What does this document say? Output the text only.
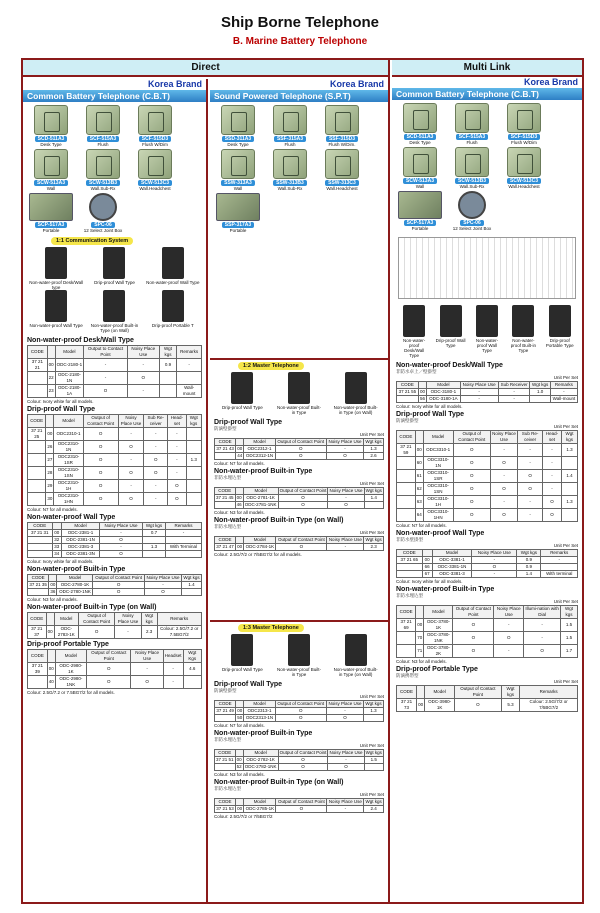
Ship Borne Telephone
B. Marine Battery Telephone
Direct
Korea Brand
Common Battery Telephone (C.B.T)
SCD-511A3
Desk Type
SCF-515A3
Flush
SCF-515D3
Flush W/Dim
SCW-513A3
Wall
SCW-513B3
Wall.Sub-Rx
SCW-513C3
Wall.Headchest
SCP-517A3
Portable
SPC-06
12 Select Joint Box
1:1 Communication System
Non-water-proof Desk/Wall type
Drip-proof Wall Type	Non-water-proof Wall Type
Non-water-proof Wall Type	Non-water-proof Built-in Type (on Wall)
Drip-proof Portable T
Non-water-proof Desk/Wall Type
CODE		Model	Output to Contact Point	Noisy Place Use	Wgt kgs	Remarks
37 21 21	00	ODC-2180-1	-	-	0.9	-
	22	ODC-2180-1N	-	O		
	23	ODC-2180-1A	O	-		Wall-mount
Colour: Ivory white for all models.
Drip-proof Wall Type
CODE		Model	Output of Contact Point	Noisy Place Use	Sub Re-ceiver	Head-set	Wgt kgs
37 21 25	00	ODC2310-1	O	-	-	-	
	26	ODC2310-1N	O	O	-	-	
	27	ODC2310-1SR	O	-	O	-	1.3
	28	ODC2310-1SN	O	O	O	-	
	29	ODC2310-1H	O	-	-	O	
	30	ODC2310-1HN	O	O	-	O	
Colour: N7 for all models.
Non-water-proof Wall Type
CODE		Model	Noisy Place Use	Wgt kgs	Remarks
37 21 31	00	ODC-2381-1	-	0.7	-
	32	ODC-2381-1N	O		
	33	ODC-2381-3	-	1.3	With Terminal
	34	ODC-2381-3N	O		
Colour: Ivory white for all models.
Non-water-proof Built-in Type
CODE		Model	Output of Contact Point	Noisy Place Use	Wgt kgs
37 21 35	00	ODC-2780-1K	O	-	1.4
	36	ODC-2780-1NK	O	O	
Colour: N3 for all models.
Non-water-proof Built-in Type (on Wall)
CODE		Model	Output of Contact Point	Noisy Place Use	Wgt kgs	Remarks
37 21 37	00	ODC-2783-1K	O	-	2.3	Colour: 2.5G/7.2 or 7.5BG7/2
Drip-proof Portable Type
CODE		Model	Output of Contact Point	Noisy Place Use	Headset	Wgt Kgs
37 21 39	00	ODC-2980-1K	O	-	-	4.6
	40	ODC-2980-1NK	O	O	-	
Colour: 2.5G/7.2 or 7.5BG7/2 for all models.
Korea Brand
Sound Powered Telephone (S.P.T)
SSD-311A3
Desk Type
SSF-315A3
Flush
SSF-315D3
Flush W/Dim.
SSW-313A3
Wall
SSW-313B3
Wall.Sub-Rx
SSW-313C3
Wall.Headchest
SSP-317A3
Portable
1:2 Master Telephone
Drip-proof Wall Type	Non-water-proof Built-in Type
Non-water-proof Built-in Type (on Wall)
Drip-proof Wall Type
防滴壁掛型
Unit Per Set
CODE		Model	Output of Contact Point	Noisy Place Use	Wgt kgs
37 21 43	00	ODC2312-1	O	-	1.3
	44	ODC2312-1N	O	O	2.6
Colour: N7 for all models.
Non-water-proof Built-in Type
非防水埋込型
Unit Per Set
CODE		Model	Output of Contact Point	Noisy Place Use	Wgt kgs
37 21 45	00	ODC-2781-1K	O	-	1.4
	46	ODC-2781-1NK	O	O	
Colour: N3 for all models.
Non-water-proof Built-in Type (on Wall)
非防水埋込型
Unit Per Set
CODE		Model	Output of Contact Point	Noisy Place Use	Wgt kgs
37 21 47	00	ODC-2784-1K	O	-	2.3
Colour: 2.5G/7/2 or 7/5BG7/2 for all models.
1:3 Master Telephone
Drip-proof Wall Type	Non-water-proof Built-in Type
Non-water-proof Built-in Type (on Wall)
Drip-proof Wall Type
防滴壁掛型
Unit Per Set
CODE		Model	Output of Contact Point	Noisy Place Use	Wgt kgs
37 21 49	00	ODC2313-1	O	-	1.3
	50	ODC2313-1N	O	O	
Colour: N7 for all models.
Non-water-proof Built-in Type
非防水埋込型
Unit Per Set
CODE		Model	Output of Contact Point	Noisy Place Use	Wgt kgs
37 21 51	00	ODC-2782-1K	O	-	1.5
	52	ODC-2782-1NK	O	O	
Colour: N3 for all models.
Non-water-proof Built-in Type (on Wall)
非防水埋込型
Unit Per Set
CODE		Model	Output of Contact Point	Noisy Place Use	Wgt kgs
37 21 53	00	ODC-2785-1K	O	-	2.4
Colour: 2.5G/7/2 or 7/5BG7/2
Multi Link
Korea Brand
Common Battery Telephone (C.B.T)
SCD-511A3
Desk Type
SCF-515A3
Flush
SCF-515D3
Flush W/Dim
SCW-513A3
Wall
SCW-513B3
Wall.Sub-Rx
SCW-513C3
Wall.Headchest
SCP-517A3
Portable
SPC-06
12 Select Joint Box
Non-water-proof Desk/Wall Type
Drip-proof Wall Type
Non-water-proof Wall Type
Non-water-proof Built-in Type
Drip-proof Portable Type
Non-water-proof Desk/Wall Type
非防水卓上／壁掛型
Unit Per Set
CODE		Model	Noisy Place Use	Sub Receiver	Wgt kgs	Remarks
37 21 55	00	ODC-3180-1	-	-	1.0	-
	56	ODC-3180-1A	-	-		Wall-mount
Colour: Ivory white for all models.
Drip-proof Wall Type
防滴壁掛型
Unit Per Set
CODE		Model	Output of Contact Point	Noisy Place Use	Sub Re-ceiver	Head-set	Wgt kgs
37 21 59	00	ODC3310-1	O	-	-	-	1.3
	60	ODC3310-1N	O	O	-	-	
	61	ODC3310-1SR	O	-	O	-	1.4
	62	ODC3310-1SN	O	O	O	-	
	63	ODC3310-1H	O	-	-	O	1.3
	64	ODC3310-1HN	O	O	-	O	
Colour: N7 for all models.
Non-water-proof Wall Type
非防水壁掛型
Unit Per Set
CODE		Model	Noisy Place Use	Wgt kgs	Remarks
37 21 65	00	ODC-3381-1	-	0.9	-
	66	ODC-3381-1N	O	0.9	
	67	ODC-3381-3	-	1.4	With terminal
Colour: Ivory white for all models.
Non-water-proof Built-in Type
非防水埋込型
Unit Per Set
CODE		Model	Output of Contact Point	Noisy Place Use	Illumi-nation with Dial	Wgt kgs
37 21 69	00	ODC-3780-1K	O	-	-	1.5
	70	ODC-3780-1NK	O	O	-	1.5
	71	ODC-3780-2K	O	-	O	1.7
Colour: N3 for all models.
Drip-proof Portable Type
防滴携帯型
Unit Per Set
CODE		Model	Output of Contact Point	Wgt kgs	Remarks
37 21 73	00	ODC-3980-1K	O	5.3	Colour: 2.5G/7/2 or 7/5BG7/2
